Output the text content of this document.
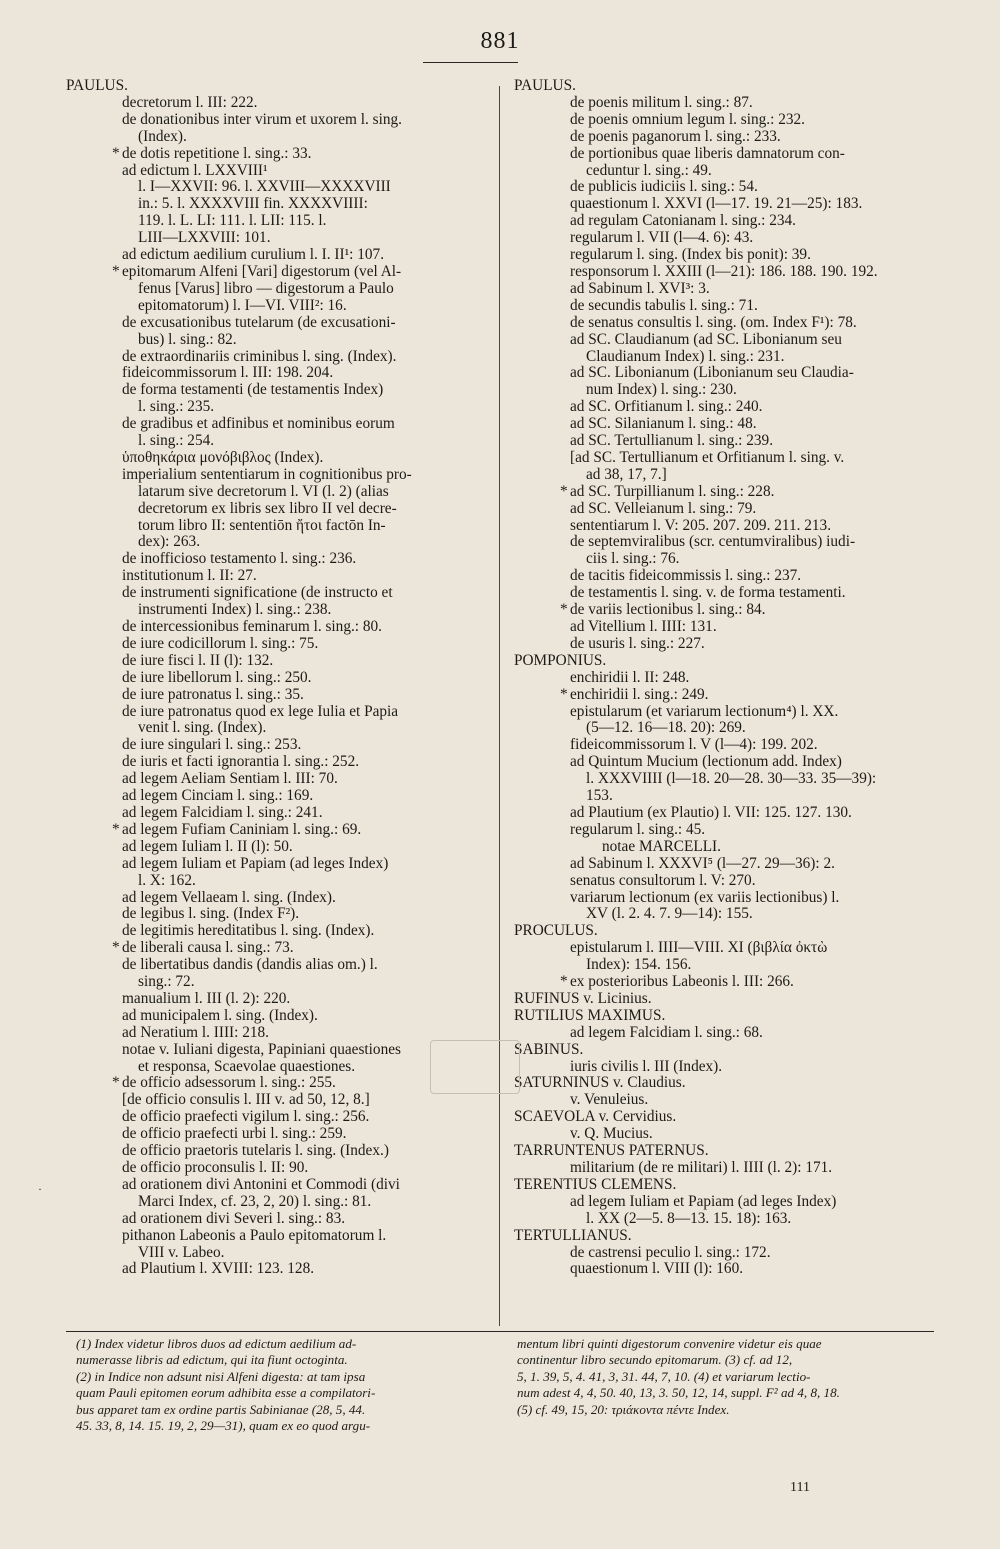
881
PAULUS.
decretorum l. III: 222.
de donationibus inter virum et uxorem l. sing.
(Index).
* de dotis repetitione l. sing.: 33.
ad edictum l. LXXVIII¹
l. I—XXVII: 96. l. XXVIII—XXXXVIII
in.: 5. l. XXXXVIII fin. XXXXVIIII:
119. l. L. LI: 111. l. LII: 115. l.
LIII—LXXVIII: 101.
ad edictum aedilium curulium l. I. II¹: 107.
* epitomarum Alfeni [Vari] digestorum (vel Al-
fenus [Varus] libro — digestorum a Paulo
epitomatorum) l. I—VI. VIII²: 16.
de excusationibus tutelarum (de excusationi-
bus) l. sing.: 82.
de extraordinariis criminibus l. sing. (Index).
fideicommissorum l. III: 198. 204.
de forma testamenti (de testamentis Index)
l. sing.: 235.
de gradibus et adfinibus et nominibus eorum
l. sing.: 254.
ὑποθηκάρια μονόβιβλος (Index).
imperialium sententiarum in cognitionibus pro-
latarum sive decretorum l. VI (l. 2) (alias
decretorum ex libris sex libro II vel decre-
torum libro II: sententiōn ἤτοι factōn In-
dex): 263.
de inofficioso testamento l. sing.: 236.
institutionum l. II: 27.
de instrumenti significatione (de instructo et
instrumenti Index) l. sing.: 238.
de intercessionibus feminarum l. sing.: 80.
de iure codicillorum l. sing.: 75.
de iure fisci l. II (l): 132.
de iure libellorum l. sing.: 250.
de iure patronatus l. sing.: 35.
de iure patronatus quod ex lege Iulia et Papia
venit l. sing. (Index).
de iure singulari l. sing.: 253.
de iuris et facti ignorantia l. sing.: 252.
ad legem Aeliam Sentiam l. III: 70.
ad legem Cinciam l. sing.: 169.
ad legem Falcidiam l. sing.: 241.
* ad legem Fufiam Caniniam l. sing.: 69.
ad legem Iuliam l. II (l): 50.
ad legem Iuliam et Papiam (ad leges Index)
l. X: 162.
ad legem Vellaeam l. sing. (Index).
de legibus l. sing. (Index F²).
de legitimis hereditatibus l. sing. (Index).
* de liberali causa l. sing.: 73.
de libertatibus dandis (dandis alias om.) l.
sing.: 72.
manualium l. III (l. 2): 220.
ad municipalem l. sing. (Index).
ad Neratium l. IIII: 218.
notae v. Iuliani digesta, Papiniani quaestiones
et responsa, Scaevolae quaestiones.
* de officio adsessorum l. sing.: 255.
[de officio consulis l. III v. ad 50, 12, 8.]
de officio praefecti vigilum l. sing.: 256.
de officio praefecti urbi l. sing.: 259.
de officio praetoris tutelaris l. sing. (Index.)
de officio proconsulis l. II: 90.
ad orationem divi Antonini et Commodi (divi
Marci Index, cf. 23, 2, 20) l. sing.: 81.
ad orationem divi Severi l. sing.: 83.
pithanon Labeonis a Paulo epitomatorum l.
VIII v. Labeo.
ad Plautium l. XVIII: 123. 128.
PAULUS.
de poenis militum l. sing.: 87.
de poenis omnium legum l. sing.: 232.
de poenis paganorum l. sing.: 233.
de portionibus quae liberis damnatorum con-
ceduntur l. sing.: 49.
de publicis iudiciis l. sing.: 54.
quaestionum l. XXVI (l—17. 19. 21—25): 183.
ad regulam Catonianam l. sing.: 234.
regularum l. VII (l—4. 6): 43.
regularum l. sing. (Index bis ponit): 39.
responsorum l. XXIII (l—21): 186. 188. 190. 192.
ad Sabinum l. XVI³: 3.
de secundis tabulis l. sing.: 71.
de senatus consultis l. sing. (om. Index F¹): 78.
ad SC. Claudianum (ad SC. Libonianum seu
Claudianum Index) l. sing.: 231.
ad SC. Libonianum (Libonianum seu Claudia-
num Index) l. sing.: 230.
ad SC. Orfitianum l. sing.: 240.
ad SC. Silanianum l. sing.: 48.
ad SC. Tertullianum l. sing.: 239.
[ad SC. Tertullianum et Orfitianum l. sing. v.
ad 38, 17, 7.]
* ad SC. Turpillianum l. sing.: 228.
ad SC. Velleianum l. sing.: 79.
sententiarum l. V: 205. 207. 209. 211. 213.
de septemviralibus (scr. centumviralibus) iudi-
ciis l. sing.: 76.
de tacitis fideicommissis l. sing.: 237.
de testamentis l. sing. v. de forma testamenti.
* de variis lectionibus l. sing.: 84.
ad Vitellium l. IIII: 131.
de usuris l. sing.: 227.
POMPONIUS.
enchiridii l. II: 248.
* enchiridii l. sing.: 249.
epistularum (et variarum lectionum⁴) l. XX.
(5—12. 16—18. 20): 269.
fideicommissorum l. V (l—4): 199. 202.
ad Quintum Mucium (lectionum add. Index)
l. XXXVIIII (l—18. 20—28. 30—33. 35—39):
153.
ad Plautium (ex Plautio) l. VII: 125. 127. 130.
regularum l. sing.: 45.
notae MARCELLI.
ad Sabinum l. XXXVI⁵ (l—27. 29—36): 2.
senatus consultorum l. V: 270.
variarum lectionum (ex variis lectionibus) l.
XV (l. 2. 4. 7. 9—14): 155.
PROCULUS.
epistularum l. IIII—VIII. XI (βιβλία ὀκτὼ
Index): 154. 156.
* ex posterioribus Labeonis l. III: 266.
RUFINUS v. Licinius.
RUTILIUS MAXIMUS.
ad legem Falcidiam l. sing.: 68.
SABINUS.
iuris civilis l. III (Index).
SATURNINUS v. Claudius.
v. Venuleius.
SCAEVOLA v. Cervidius.
v. Q. Mucius.
TARRUNTENUS PATERNUS.
militarium (de re militari) l. IIII (l. 2): 171.
TERENTIUS CLEMENS.
ad legem Iuliam et Papiam (ad leges Index)
l. XX (2—5. 8—13. 15. 18): 163.
TERTULLIANUS.
de castrensi peculio l. sing.: 172.
quaestionum l. VIII (l): 160.
·
(1) Index videtur libros duos ad edictum aedilium ad-
numerasse libris ad edictum, qui ita fiunt octoginta.
(2) in Indice non adsunt nisi Alfeni digesta: at tam ipsa
quam Pauli epitomen eorum adhibita esse a compilatori-
bus apparet tam ex ordine partis Sabinianae (28, 5, 44.
45. 33, 8, 14. 15. 19, 2, 29—31), quam ex eo quod argu-
mentum libri quinti digestorum convenire videtur eis quae
continentur libro secundo epitomarum. (3) cf. ad 12,
5, 1. 39, 5, 4. 41, 3, 31. 44, 7, 10. (4) et variarum lectio-
num adest 4, 4, 50. 40, 13, 3. 50, 12, 14, suppl. F² ad 4, 8, 18.
(5) cf. 49, 15, 20: τριάκοντα πέντε Index.
111
